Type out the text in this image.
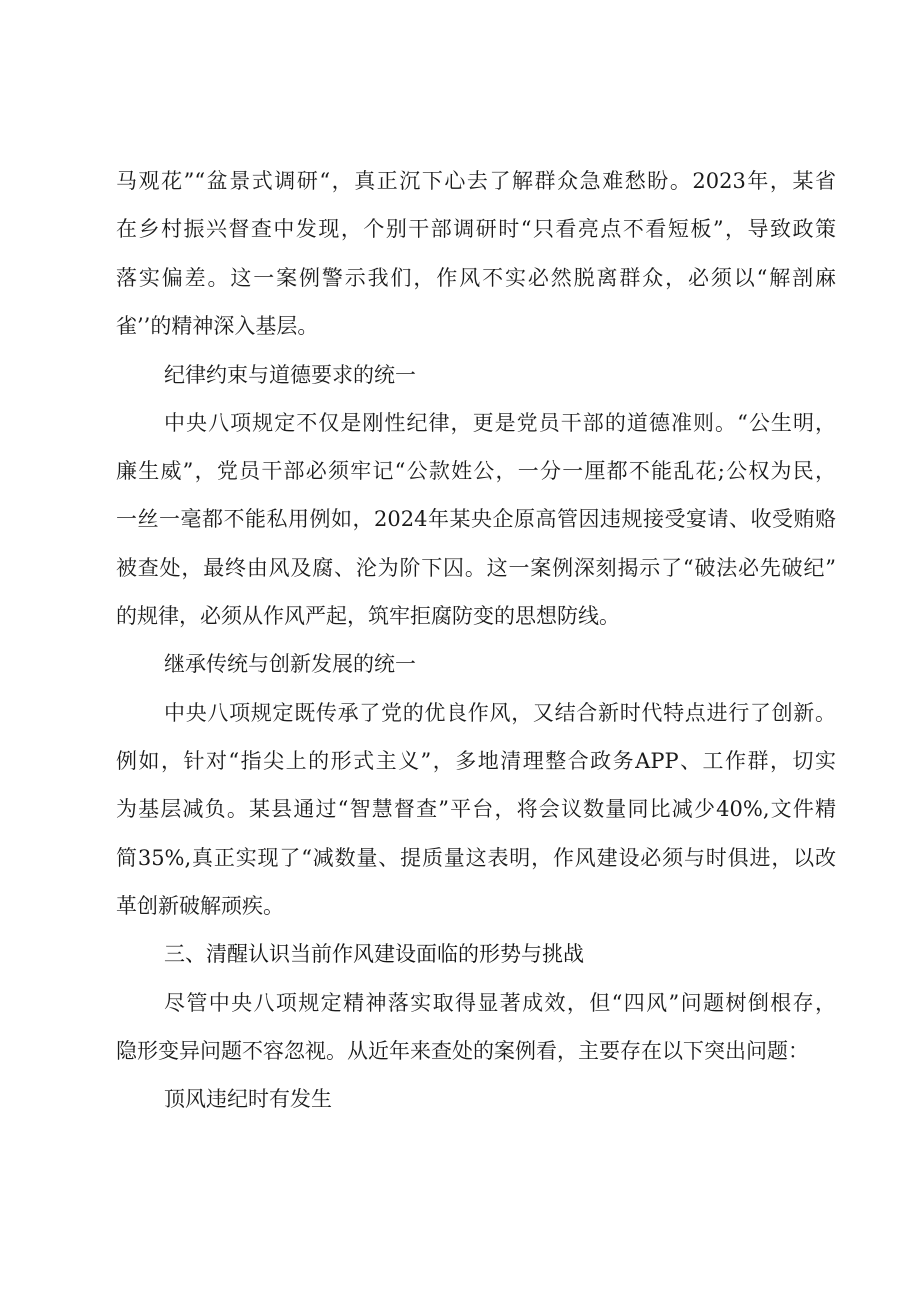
马观花”“盆景式调研“，真正沉下心去了解群众急难愁盼。2023年，某省
在乡村振兴督查中发现，个别干部调研时“只看亮点不看短板”，导致政策
落实偏差。这一案例警示我们，作风不实必然脱离群众，必须以“解剖麻
雀’’的精神深入基层。
纪律约束与道德要求的统一
中央八项规定不仅是刚性纪律，更是党员干部的道德准则。“公生明，
廉生威”，党员干部必须牢记“公款姓公，一分一厘都不能乱花;公权为民，
一丝一毫都不能私用例如，2024年某央企原高管因违规接受宴请、收受贿赂
被查处，最终由风及腐、沦为阶下囚。这一案例深刻揭示了“破法必先破纪”
的规律，必须从作风严起，筑牢拒腐防变的思想防线。
继承传统与创新发展的统一
中央八项规定既传承了党的优良作风，又结合新时代特点进行了创新。
例如，针对“指尖上的形式主义”，多地清理整合政务APP、工作群，切实
为基层减负。某县通过“智慧督查”平台，将会议数量同比减少40%,文件精
简35%,真正实现了“减数量、提质量这表明，作风建设必须与时俱进，以改
革创新破解顽疾。
三、清醒认识当前作风建设面临的形势与挑战
尽管中央八项规定精神落实取得显著成效，但“四风”问题树倒根存，
隐形变异问题不容忽视。从近年来查处的案例看，主要存在以下突出问题：
顶风违纪时有发生
